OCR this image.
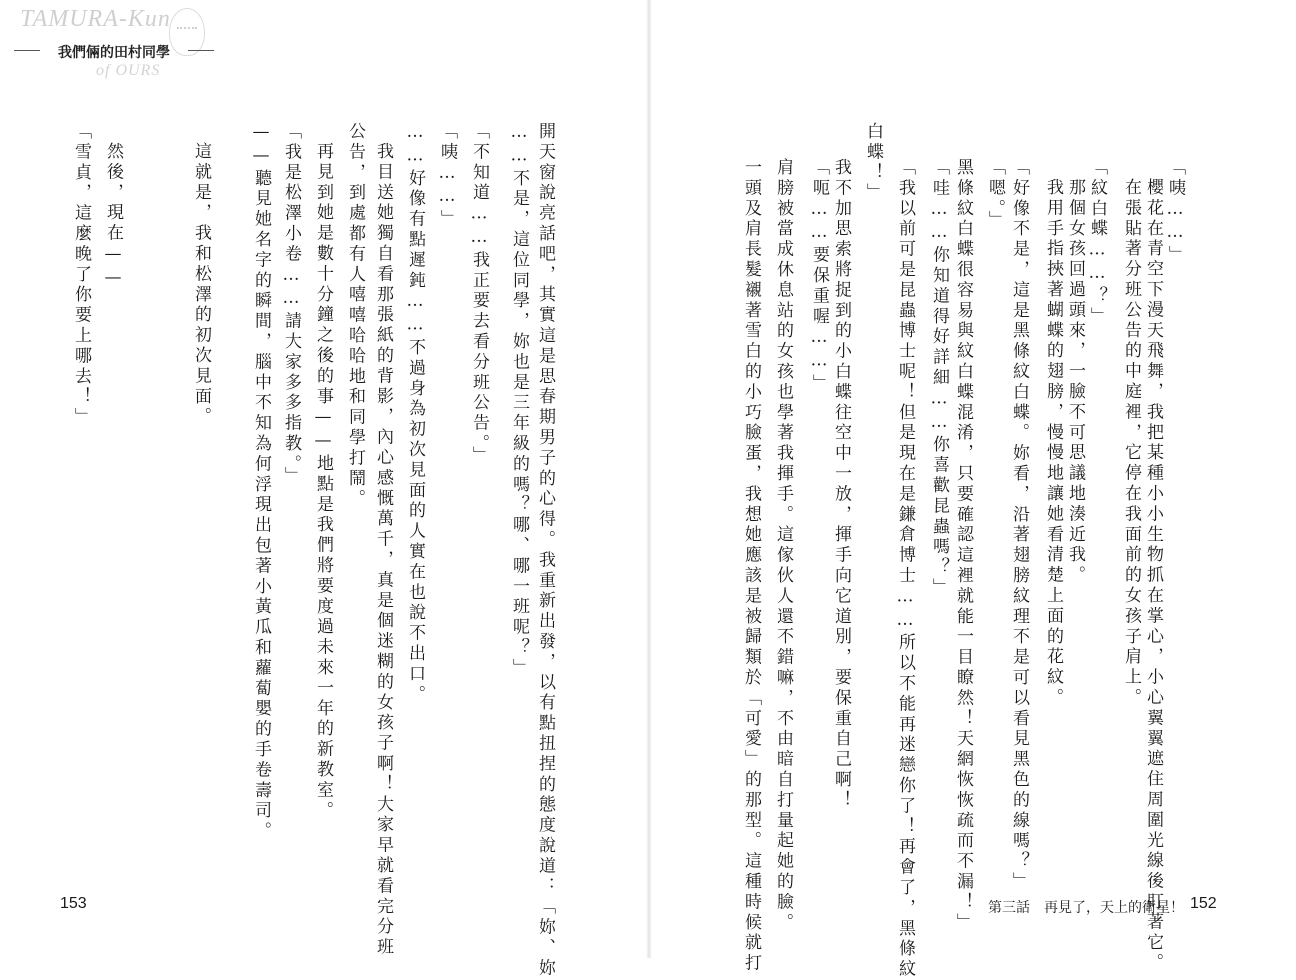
TAMURA-Kun
of OURS
我們倆的田村同學
「咦……」
櫻花在青空下漫天飛舞，我把某種小小生物抓在掌心，小心翼翼遮住周圍光線後盯著它。
在張貼著分班公告的中庭裡，它停在我面前的女孩子肩上。
「紋白蝶……？」
那個女孩回過頭來，一臉不可思議地湊近我。
我用手指挾著蝴蝶的翅膀，慢慢地讓她看清楚上面的花紋。
「好像不是，這是黑條紋白蝶。妳看，沿著翅膀紋理不是可以看見黑色的線嗎？」
「嗯。」
黑條紋白蝶很容易與紋白蝶混淆，只要確認這裡就能一目瞭然！天網恢恢疏而不漏！」
「哇……你知道得好詳細……你喜歡昆蟲嗎？」
「我以前可是昆蟲博士呢！但是現在是鎌倉博士……所以不能再迷戀你了！再會了，黑條紋
白蝶！」
我不加思索將捉到的小白蝶往空中一放，揮手向它道別，要保重自己啊！
「呃……要保重喔……」
肩膀被當成休息站的女孩也學著我揮手。這傢伙人還不錯嘛，不由暗自打量起她的臉。
一頭及肩長髮襯著雪白的小巧臉蛋，我想她應該是被歸類於「可愛」的那型。這種時候就打
開天窗說亮話吧，其實這是思春期男子的心得。我重新出發，以有點扭捏的態度說道：「妳、妳
……不是，這位同學，妳也是三年級的嗎？哪、哪一班呢？」
「不知道……我正要去看分班公告。」
「咦……」
……好像有點遲鈍……不過身為初次見面的人實在也說不出口。
我目送她獨自看那張紙的背影，內心感慨萬千，真是個迷糊的女孩子啊！大家早就看完分班
公告，到處都有人嘻嘻哈哈地和同學打鬧。
再見到她是數十分鐘之後的事——地點是我們將要度過未來一年的新教室。
「我是松澤小卷……請大家多多指教。」
——聽見她名字的瞬間，腦中不知為何浮現出包著小黃瓜和蘿蔔嬰的手卷壽司。
這就是，我和松澤的初次見面。
然後，現在——
「雪貞，這麼晚了你要上哪去！」
153	第三話　再見了，天上的衛星！ 152
